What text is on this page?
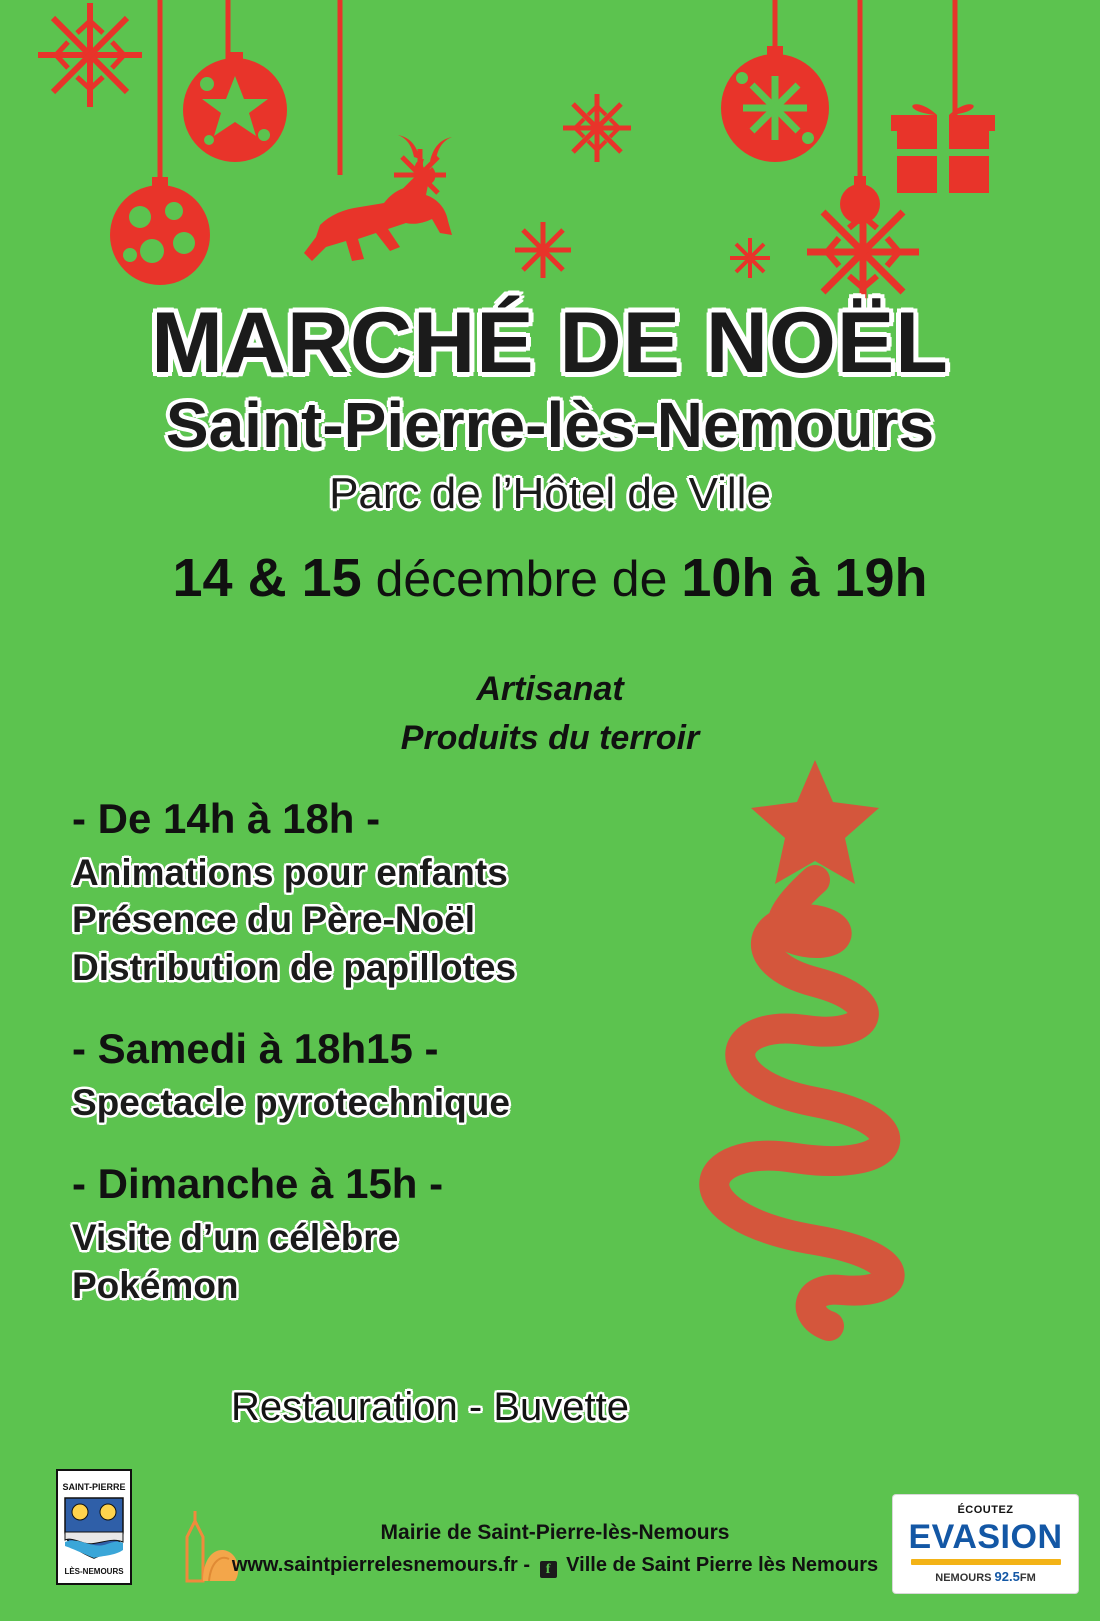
MARCHÉ DE NOËL
Saint-Pierre-lès-Nemours
Parc de l’Hôtel de Ville
14 & 15 décembre de 10h à 19h
Artisanat
Produits du terroir
- De 14h à 18h -
Animations pour enfants
Présence du Père-Noël
Distribution de papillotes
- Samedi à 18h15 -
Spectacle pyrotechnique
- Dimanche à 15h -
Visite d’un célèbre
Pokémon
Restauration - Buvette
SAINT-PIERRE
LÈS-NEMOURS
Mairie de Saint-Pierre-lès-Nemours
www.saintpierrelesnemours.fr - f Ville de Saint Pierre lès Nemours
ÉCOUTEZ
EVASION
NEMOURS 92.5FM
